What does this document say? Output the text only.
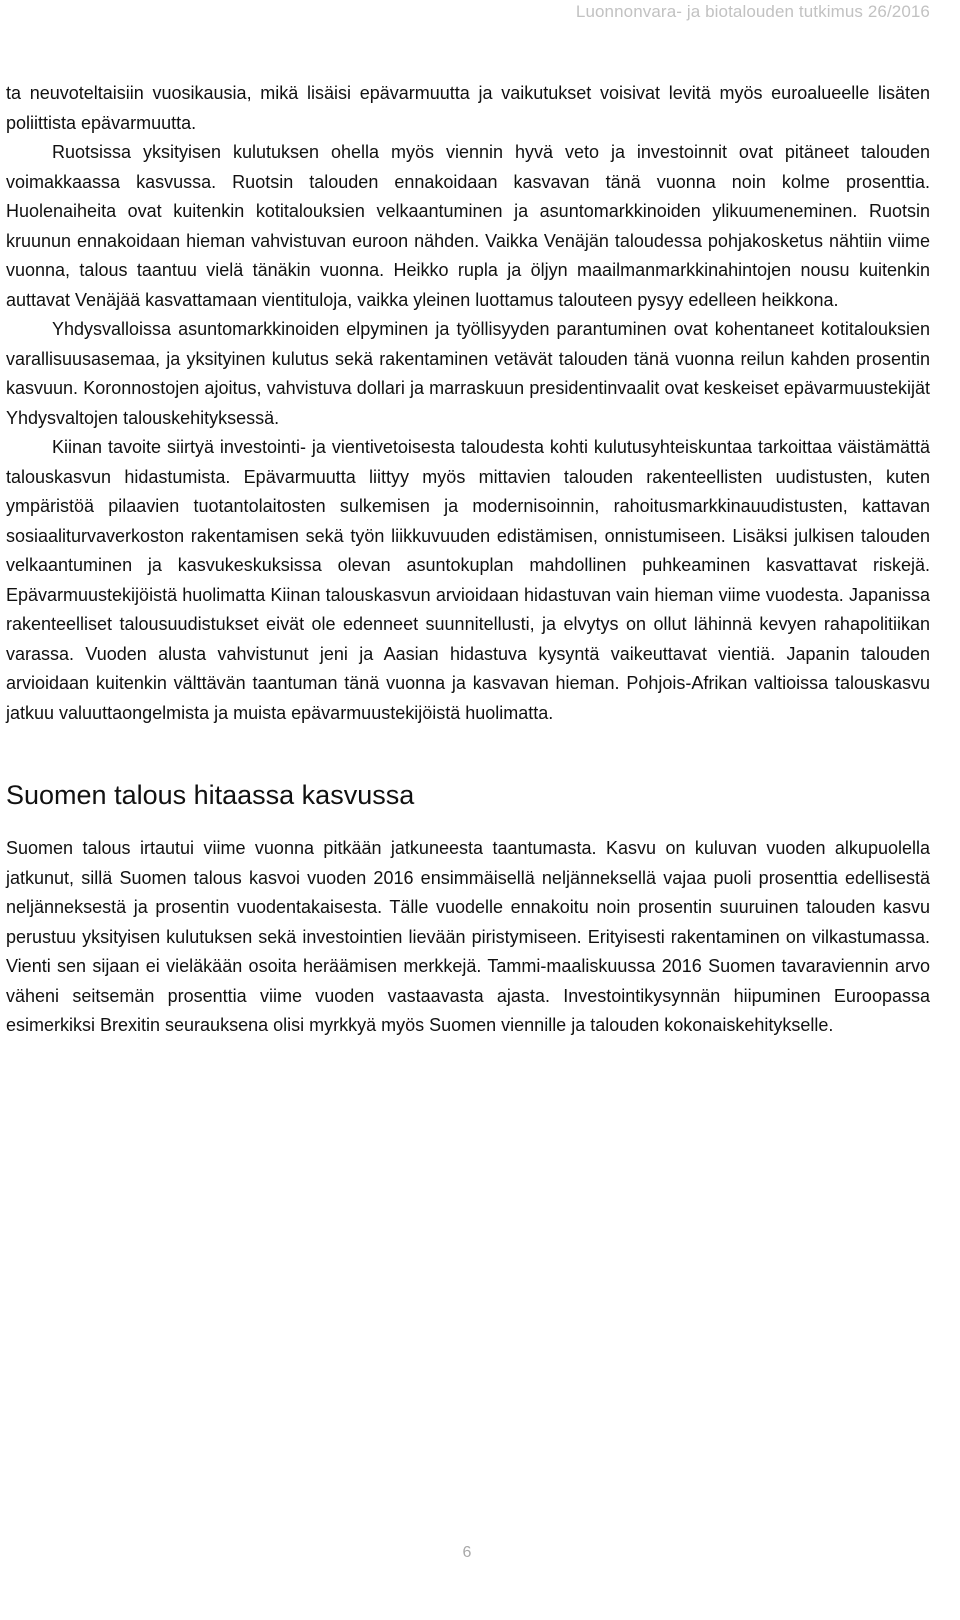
Luonnonvara- ja biotalouden tutkimus 26/2016

ta neuvoteltaisiin vuosikausia, mikä lisäisi epävarmuutta ja vaikutukset voisivat levitä myös euroalueelle lisäten poliittista epävarmuutta.

Ruotsissa yksityisen kulutuksen ohella myös viennin hyvä veto ja investoinnit ovat pitäneet talouden voimakkaassa kasvussa. Ruotsin talouden ennakoidaan kasvavan tänä vuonna noin kolme prosenttia. Huolenaiheita ovat kuitenkin kotitalouksien velkaantuminen ja asuntomarkkinoiden ylikuumeneminen. Ruotsin kruunun ennakoidaan hieman vahvistuvan euroon nähden. Vaikka Venäjän taloudessa pohjakosketus nähtiin viime vuonna, talous taantuu vielä tänäkin vuonna. Heikko rupla ja öljyn maailmanmarkkinahintojen nousu kuitenkin auttavat Venäjää kasvattamaan vientituloja, vaikka yleinen luottamus talouteen pysyy edelleen heikkona.

Yhdysvalloissa asuntomarkkinoiden elpyminen ja työllisyyden parantuminen ovat kohentaneet kotitalouksien varallisuusasemaa, ja yksityinen kulutus sekä rakentaminen vetävät talouden tänä vuonna reilun kahden prosentin kasvuun. Koronnostojen ajoitus, vahvistuva dollari ja marraskuun presidentinvaalit ovat keskeiset epävarmuustekijät Yhdysvaltojen talouskehityksessä.

Kiinan tavoite siirtyä investointi- ja vientivetoisesta taloudesta kohti kulutusyhteiskuntaa tarkoittaa väistämättä talouskasvun hidastumista. Epävarmuutta liittyy myös mittavien talouden rakenteellisten uudistusten, kuten ympäristöä pilaavien tuotantolaitosten sulkemisen ja modernisoinnin, rahoitusmarkkinauudistusten, kattavan sosiaaliturvaverkoston rakentamisen sekä työn liikkuvuuden edistämisen, onnistumiseen. Lisäksi julkisen talouden velkaantuminen ja kasvukeskuksissa olevan asuntokuplan mahdollinen puhkeaminen kasvattavat riskejä. Epävarmuustekijöistä huolimatta Kiinan talouskasvun arvioidaan hidastuvan vain hieman viime vuodesta. Japanissa rakenteelliset talousuudistukset eivät ole edenneet suunnitellusti, ja elvytys on ollut lähinnä kevyen rahapolitiikan varassa. Vuoden alusta vahvistunut jeni ja Aasian hidastuva kysyntä vaikeuttavat vientiä. Japanin talouden arvioidaan kuitenkin välttävän taantuman tänä vuonna ja kasvavan hieman. Pohjois-Afrikan valtioissa talouskasvu jatkuu valuuttaongelmista ja muista epävarmuustekijöistä huolimatta.

Suomen talous hitaassa kasvussa

Suomen talous irtautui viime vuonna pitkään jatkuneesta taantumasta. Kasvu on kuluvan vuoden alkupuolella jatkunut, sillä Suomen talous kasvoi vuoden 2016 ensimmäisellä neljänneksellä vajaa puoli prosenttia edellisestä neljänneksestä ja prosentin vuodentakaisesta. Tälle vuodelle ennakoitu noin prosentin suuruinen talouden kasvu perustuu yksityisen kulutuksen sekä investointien lievään piristymiseen. Erityisesti rakentaminen on vilkastumassa. Vienti sen sijaan ei vieläkään osoita heräämisen merkkejä. Tammi-maaliskuussa 2016 Suomen tavaraviennin arvo väheni seitsemän prosenttia viime vuoden vastaavasta ajasta. Investointikysynnän hiipuminen Euroopassa esimerkiksi Brexitin seurauksena olisi myrkkyä myös Suomen viennille ja talouden kokonaiskehitykselle.

6
